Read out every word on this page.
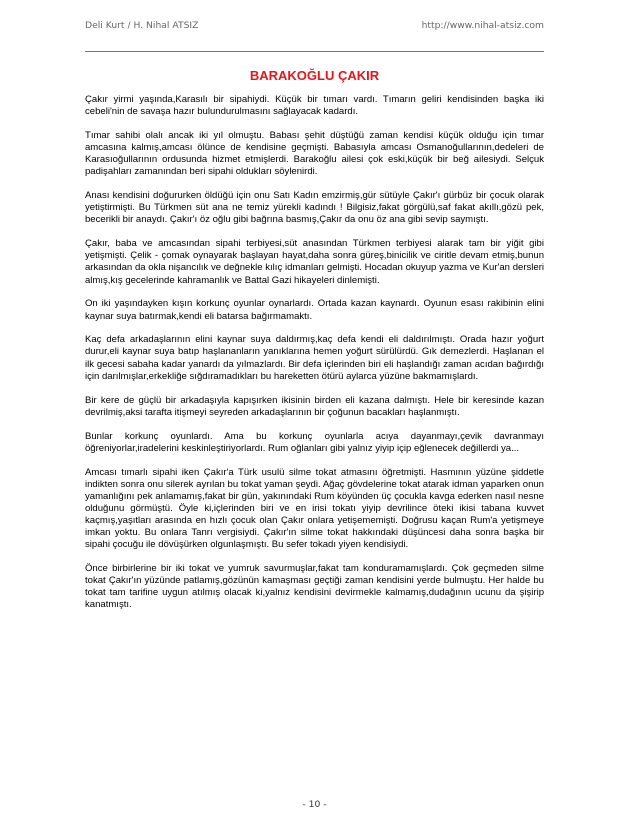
Deli Kurt / H. Nihal ATSIZ	http://www.nihal-atsiz.com
BARAKOĞLU ÇAKIR

Çakır yirmi yaşında,Karasılı bir sipahiydi. Küçük bir tımarı vardı. Tımarın geliri kendisinden başka iki cebeli'nin de savaşa hazır bulundurulmasını sağlayacak kadardı.

Tımar sahibi olalı ancak iki yıl olmuştu. Babası şehit düştüğü zaman kendisi küçük olduğu için tımar amcasına kalmış,amcası ölünce de kendisine geçmişti. Babasıyla amcası Osmanoğullarının,dedeleri de Karasıoğullarının ordusunda hizmet etmişlerdi. Barakoğlu ailesi çok eski,küçük bir beğ ailesiydi. Selçuk padişahları zamanından beri sipahi oldukları söylenirdi.

Anası kendisini doğururken öldüğü için onu Satı Kadın emzirmiş,gür sütüyle Çakır'ı gürbüz bir çocuk olarak yetiştirmişti. Bu Türkmen süt ana ne temiz yürekli kadındı ! Bilgisiz,fakat görgülü,saf fakat akıllı,gözü pek, becerikli bir anaydı. Çakır'ı öz oğlu gibi bağrına basmış,Çakır da onu öz ana gibi sevip saymıştı.

Çakır, baba ve amcasından sipahi terbiyesi,süt anasından Türkmen terbiyesi alarak tam bir yiğit gibi yetişmişti. Çelik - çomak oynayarak başlayan hayat,daha sonra güreş,binicilik ve ciritle devam etmiş,bunun arkasından da okla nişancılık ve değnekle kılıç idmanları gelmişti. Hocadan okuyup yazma ve Kur'an dersleri almış,kış gecelerinde kahramanlık ve Battal Gazi hikayeleri dinlemişti.

On iki yaşındayken kışın korkunç oyunlar oynarlardı. Ortada kazan kaynardı. Oyunun esası rakibinin elini kaynar suya batırmak,kendi eli batarsa bağırmamaktı.

Kaç defa arkadaşlarının elini kaynar suya daldırmış,kaç defa kendi eli daldırılmıştı. Orada hazır yoğurt durur,eli kaynar suya batıp haşlananların yanıklarına hemen yoğurt sürülürdü. Gık demezlerdi. Haşlanan el ilk gecesi sabaha kadar yanardı da yılmazlardı. Bir defa içlerinden biri eli haşlandığı zaman acıdan bağırdığı için darılmışlar,erkekliğe sığdıramadıkları bu hareketten ötürü aylarca yüzüne bakmamışlardı.

Bir kere de güçlü bir arkadaşıyla kapışırken ikisinin birden eli kazana dalmıştı. Hele bir keresinde kazan devrilmiş,aksi tarafta itişmeyi seyreden arkadaşlarının bir çoğunun bacakları haşlanmıştı.

Bunlar korkunç oyunlardı. Ama bu korkunç oyunlarla acıya dayanmayı,çevik davranmayı öğreniyorlar,iradelerini keskinleştiriyorlardı. Rum oğlanları gibi yalnız yiyip içip eğlenecek değillerdi ya...

Amcası tımarlı sipahi iken Çakır'a Türk usulü silme tokat atmasını öğretmişti. Hasmının yüzüne şiddetle indikten sonra onu silerek ayrılan bu tokat yaman şeydi. Ağaç gövdelerine tokat atarak idman yaparken onun yamanlığını pek anlamamış,fakat bir gün, yakınındaki Rum köyünden üç çocukla kavga ederken nasıl nesne olduğunu görmüştü. Öyle ki,içlerinden biri ve en irisi tokatı yiyip devrilince öteki ikisi tabana kuvvet kaçmış,yaşıtları arasında en hızlı çocuk olan Çakır onlara yetişememişti. Doğrusu kaçan Rum'a yetişmeye imkan yoktu. Bu onlara Tanrı vergisiydi. Çakır'ın silme tokat hakkındaki düşüncesi daha sonra başka bir sipahi çocuğu ile dövüşürken olgunlaşmıştı. Bu sefer tokadı yiyen kendisiydi.

Önce birbirlerine bir iki tokat ve yumruk savurmuşlar,fakat tam konduramamışlardı. Çok geçmeden silme tokat Çakır'ın yüzünde patlamış,gözünün kamaşması geçtiği zaman kendisini yerde bulmuştu. Her halde bu tokat tam tarifine uygun atılmış olacak ki,yalnız kendisini devirmekle kalmamış,dudağının ucunu da şişirip kanatmıştı.

- 10 -
